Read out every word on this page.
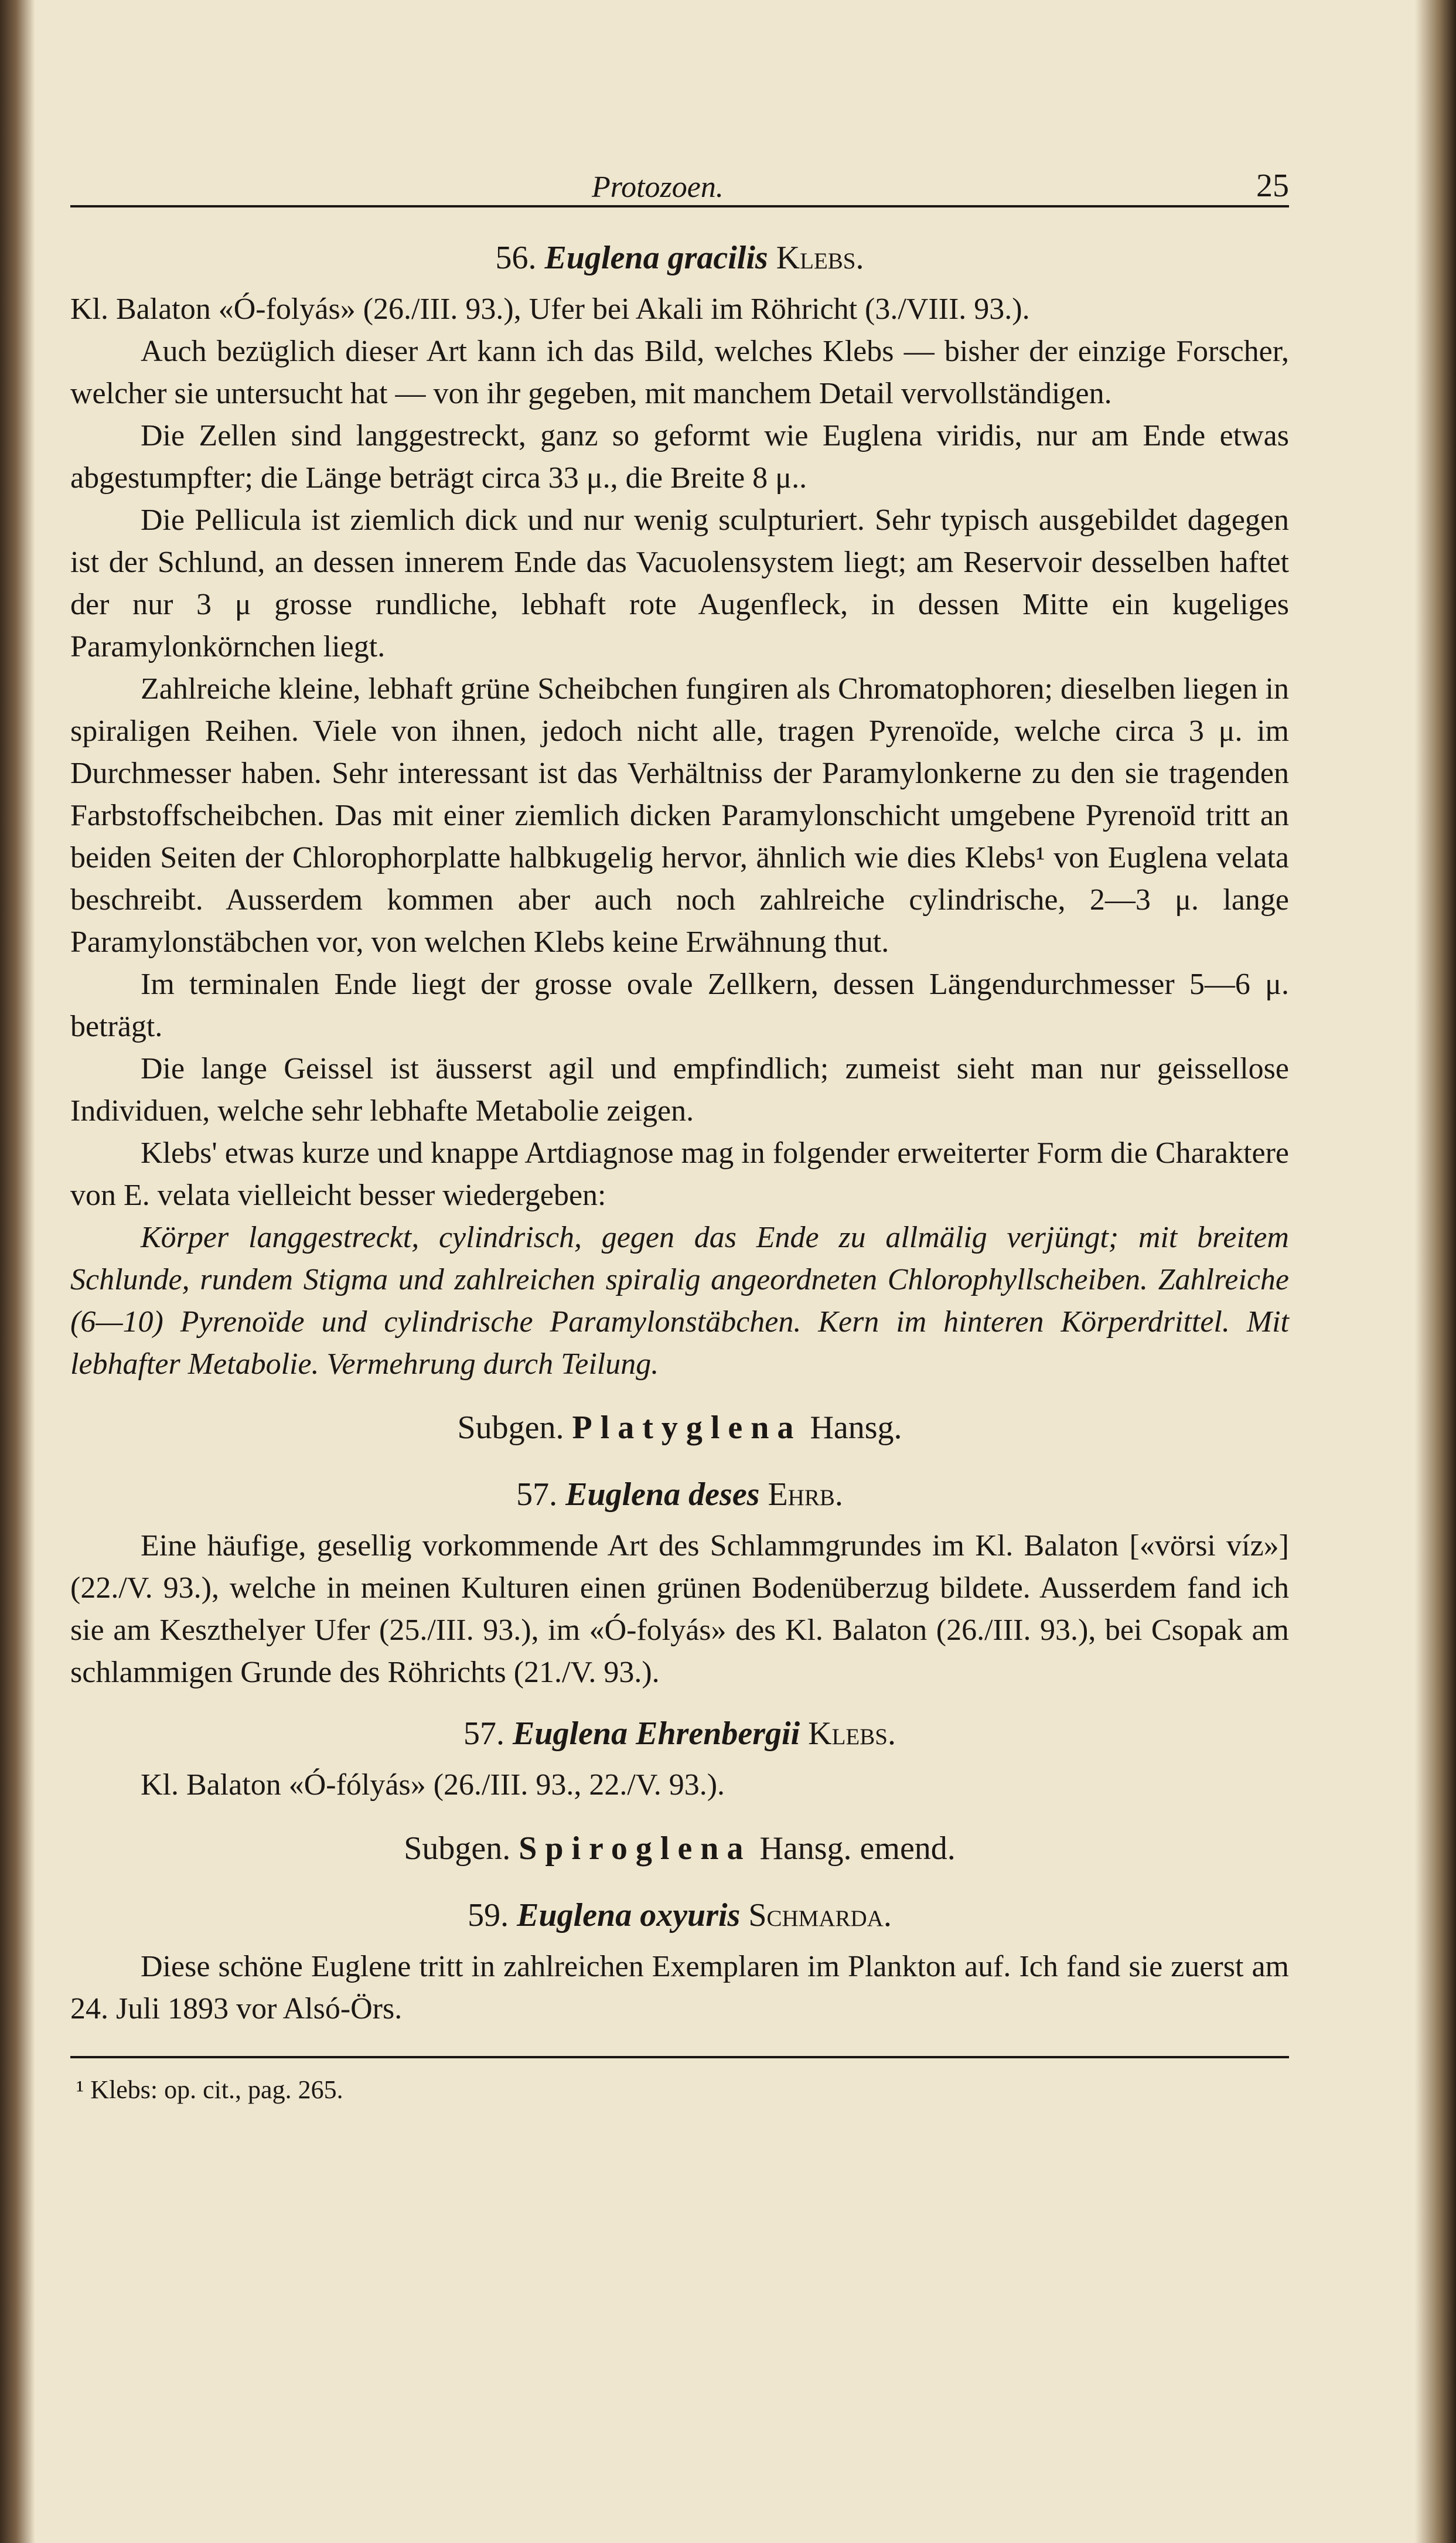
Protozoen.	25
56. Euglena gracilis Klebs.

Kl. Balaton «Ó-folyás» (26./III. 93.), Ufer bei Akali im Röhricht (3./VIII. 93.).

Auch bezüglich dieser Art kann ich das Bild, welches Klebs — bisher der einzige Forscher, welcher sie untersucht hat — von ihr gegeben, mit manchem Detail vervollständigen.

Die Zellen sind langgestreckt, ganz so geformt wie Euglena viridis, nur am Ende etwas abgestumpfter; die Länge beträgt circa 33 μ., die Breite 8 μ..

Die Pellicula ist ziemlich dick und nur wenig sculpturiert. Sehr typisch ausgebildet dagegen ist der Schlund, an dessen innerem Ende das Vacuolensystem liegt; am Reservoir desselben haftet der nur 3 μ grosse rundliche, lebhaft rote Augenfleck, in dessen Mitte ein kugeliges Paramylonkörnchen liegt.

Zahlreiche kleine, lebhaft grüne Scheibchen fungiren als Chromatophoren; dieselben liegen in spiraligen Reihen. Viele von ihnen, jedoch nicht alle, tragen Pyrenoïde, welche circa 3 μ. im Durchmesser haben. Sehr interessant ist das Verhältniss der Paramylonkerne zu den sie tragenden Farbstoffscheibchen. Das mit einer ziemlich dicken Paramylonschicht umgebene Pyrenoïd tritt an beiden Seiten der Chlorophorplatte halbkugelig hervor, ähnlich wie dies Klebs¹ von Euglena velata beschreibt. Ausserdem kommen aber auch noch zahlreiche cylindrische, 2—3 μ. lange Paramylonstäbchen vor, von welchen Klebs keine Erwähnung thut.

Im terminalen Ende liegt der grosse ovale Zellkern, dessen Längendurchmesser 5—6 μ. beträgt.

Die lange Geissel ist äusserst agil und empfindlich; zumeist sieht man nur geissellose Individuen, welche sehr lebhafte Metabolie zeigen.

Klebs' etwas kurze und knappe Artdiagnose mag in folgender erweiterter Form die Charaktere von E. velata vielleicht besser wiedergeben:

Körper langgestreckt, cylindrisch, gegen das Ende zu allmälig verjüngt; mit breitem Schlunde, rundem Stigma und zahlreichen spiralig angeordneten Chlorophyllscheiben. Zahlreiche (6—10) Pyrenoïde und cylindrische Paramylonstäbchen. Kern im hinteren Körperdrittel. Mit lebhafter Metabolie. Vermehrung durch Teilung.

Subgen. Platyglena Hansg.
57. Euglena deses Ehrb.

Eine häufige, gesellig vorkommende Art des Schlammgrundes im Kl. Balaton [«vörsi víz»] (22./V. 93.), welche in meinen Kulturen einen grünen Bodenüberzug bildete. Ausserdem fand ich sie am Keszthelyer Ufer (25./III. 93.), im «Ó-folyás» des Kl. Balaton (26./III. 93.), bei Csopak am schlammigen Grunde des Röhrichts (21./V. 93.).

57. Euglena Ehrenbergii Klebs.

Kl. Balaton «Ó-fólyás» (26./III. 93., 22./V. 93.).

Subgen. Spiroglena Hansg. emend.
59. Euglena oxyuris Schmarda.

Diese schöne Euglene tritt in zahlreichen Exemplaren im Plankton auf. Ich fand sie zuerst am 24. Juli 1893 vor Alsó-Örs.

¹ Klebs: op. cit., pag. 265.
